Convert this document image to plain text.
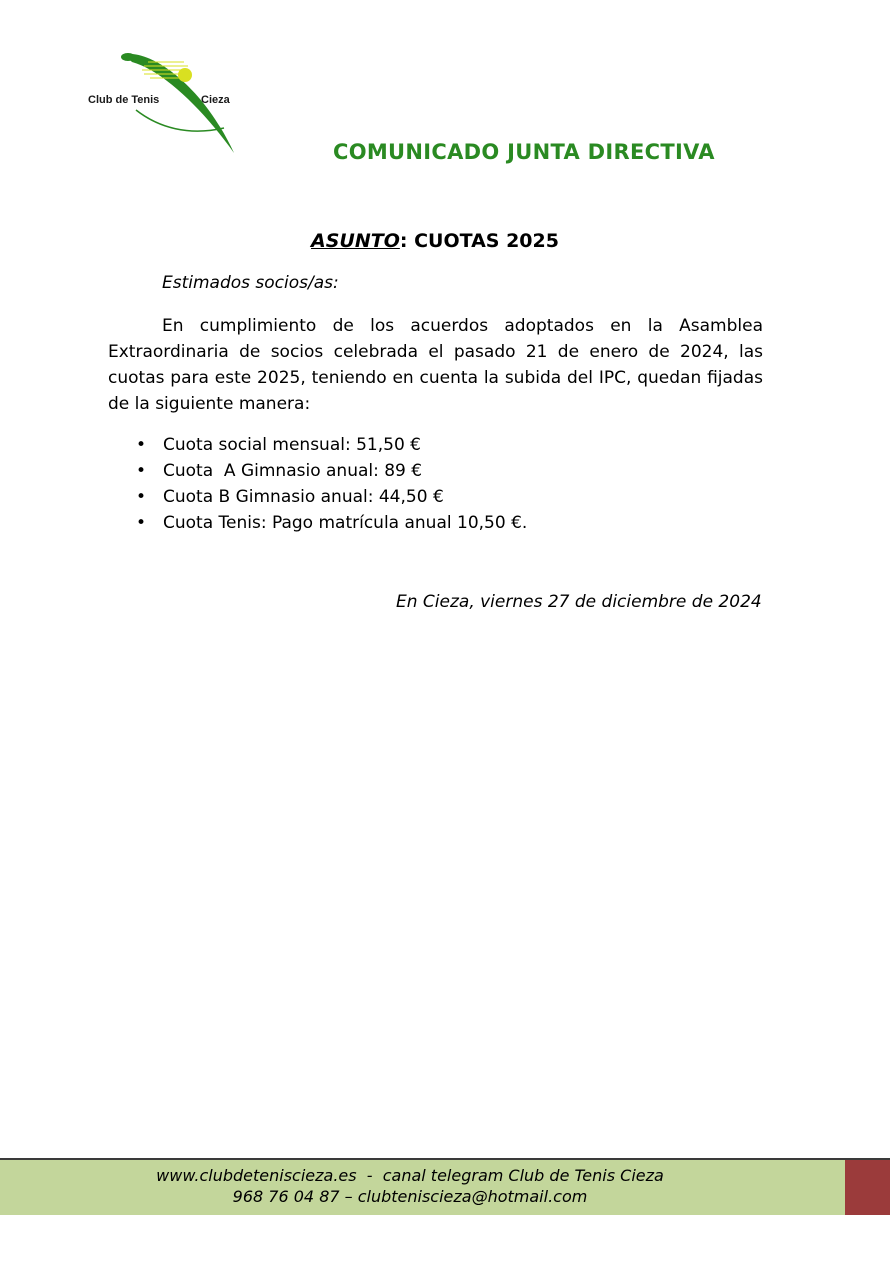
Club de Tenis	Cieza
COMUNICADO JUNTA DIRECTIVA
ASUNTO: CUOTAS 2025
Estimados socios/as:
En cumplimiento de los acuerdos adoptados en la Asamblea Extraordinaria de socios celebrada el pasado 21 de enero de 2024, las cuotas para este 2025, teniendo en cuenta la subida del IPC, quedan fijadas de la siguiente manera:
• Cuota social mensual: 51,50 €
• Cuota  A Gimnasio anual: 89 €
• Cuota B Gimnasio anual: 44,50 €
• Cuota Tenis: Pago matrícula anual 10,50 €.
En Cieza, viernes 27 de diciembre de 2024
www.clubdeteniscieza.es  -  canal telegram Club de Tenis Cieza
968 76 04 87 – clubteniscieza@hotmail.com
